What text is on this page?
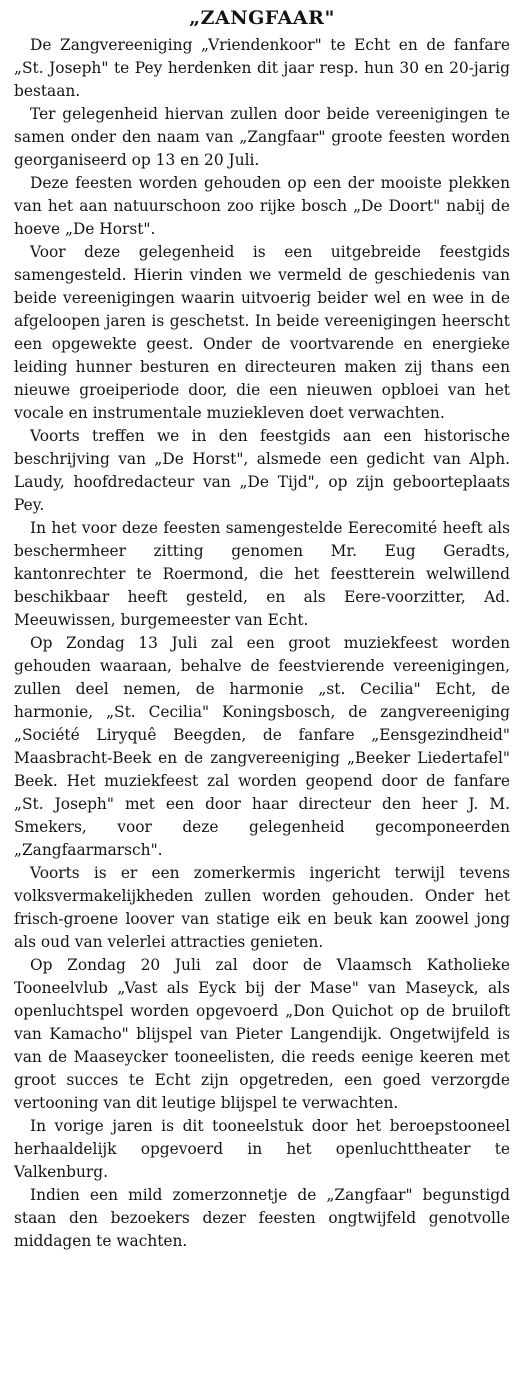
„ZANGFAAR"

De Zangvereeniging „Vriendenkoor" te Echt en de fanfare „St. Joseph" te Pey herdenken dit jaar resp. hun 30 en 20-jarig bestaan.

Ter gelegenheid hiervan zullen door beide vereenigingen te samen onder den naam van „Zangfaar" groote feesten worden georganiseerd op 13 en 20 Juli.

Deze feesten worden gehouden op een der mooiste plekken van het aan natuurschoon zoo rijke bosch „De Doort" nabij de hoeve „De Horst".

Voor deze gelegenheid is een uitgebreide feestgids samengesteld. Hierin vinden we vermeld de geschiedenis van beide vereenigingen waarin uitvoerig beider wel en wee in de afgeloopen jaren is geschetst. In beide vereenigingen heerscht een opgewekte geest. Onder de voortvarende en energieke leiding hunner besturen en directeuren maken zij thans een nieuwe groeiperiode door, die een nieuwen opbloei van het vocale en instrumentale muziekleven doet verwachten.

Voorts treffen we in den feestgids aan een historische beschrijving van „De Horst", alsmede een gedicht van Alph. Laudy, hoofdredacteur van „De Tijd", op zijn geboorteplaats Pey.

In het voor deze feesten samengestelde Eerecomité heeft als beschermheer zitting genomen Mr. Eug Geradts, kantonrechter te Roermond, die het feestterein welwillend beschikbaar heeft gesteld, en als Eere-voorzitter, Ad. Meeuwissen, burgemeester van Echt.

Op Zondag 13 Juli zal een groot muziekfeest worden gehouden waaraan, behalve de feestvierende vereenigingen, zullen deel nemen, de harmonie „st. Cecilia" Echt, de harmonie, „St. Cecilia" Koningsbosch, de zangvereeniging „Société Liryquê Beegden, de fanfare „Eensgezindheid" Maasbracht-Beek en de zangvereeniging „Beeker Liedertafel" Beek. Het muziekfeest zal worden geopend door de fanfare „St. Joseph" met een door haar directeur den heer J. M. Smekers, voor deze gelegenheid gecomponeerden „Zangfaarmarsch".

Voorts is er een zomerkermis ingericht terwijl tevens volksvermakelijkheden zullen worden gehouden. Onder het frisch-groene loover van statige eik en beuk kan zoowel jong als oud van velerlei attracties genieten.

Op Zondag 20 Juli zal door de Vlaamsch Katholieke Tooneelvlub „Vast als Eyck bij der Mase" van Maseyck, als openluchtspel worden opgevoerd „Don Quichot op de bruiloft van Kamacho" blijspel van Pieter Langendijk. Ongetwijfeld is van de Maaseycker tooneelisten, die reeds eenige keeren met groot succes te Echt zijn opgetreden, een goed verzorgde vertooning van dit leutige blijspel te verwachten.

In vorige jaren is dit tooneelstuk door het beroepstooneel herhaaldelijk opgevoerd in het openluchttheater te Valkenburg.

Indien een mild zomerzonnetje de „Zangfaar" begunstigd staan den bezoekers dezer feesten ongtwijfeld genotvolle middagen te wachten.
